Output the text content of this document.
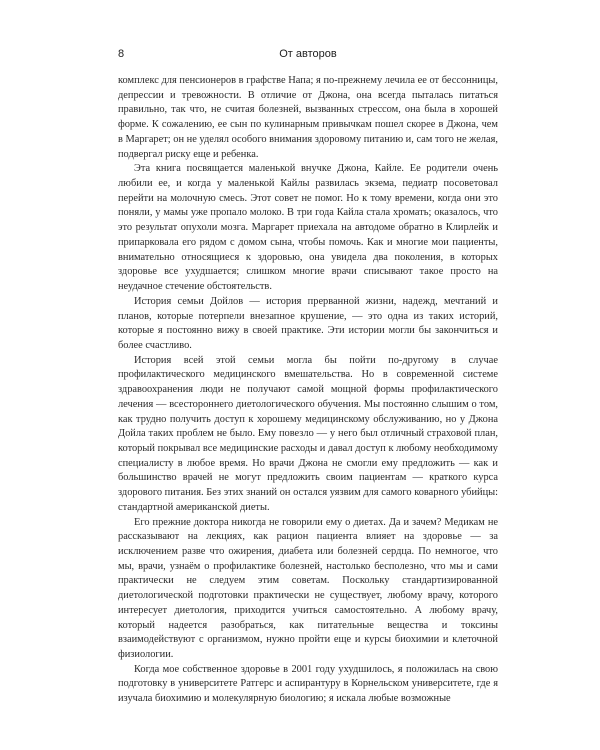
8	От авторов

комплекс для пенсионеров в графстве Напа; я по-прежнему лечила ее от бессонницы, депрессии и тревожности. В отличие от Джона, она всегда пыталась питаться правильно, так что, не считая болезней, вызванных стрессом, она была в хорошей форме. К сожалению, ее сын по кулинарным привычкам пошел скорее в Джона, чем в Маргарет; он не уделял особого внимания здоровому питанию и, сам того не желая, подвергал риску еще и ребенка.

Эта книга посвящается маленькой внучке Джона, Кайле. Ее родители очень любили ее, и когда у маленькой Кайлы развилась экзема, педиатр посоветовал перейти на молочную смесь. Этот совет не помог. Но к тому времени, когда они это поняли, у мамы уже пропало молоко. В три года Кайла стала хромать; оказалось, что это результат опухоли мозга. Маргарет приехала на автодоме обратно в Клирлейк и припарковала его рядом с домом сына, чтобы помочь. Как и многие мои пациенты, внимательно относящиеся к здоровью, она увидела два поколения, в которых здоровье все ухудшается; слишком многие врачи списывают такое просто на неудачное стечение обстоятельств.

История семьи Дойлов — история прерванной жизни, надежд, мечтаний и планов, которые потерпели внезапное крушение, — это одна из таких историй, которые я постоянно вижу в своей практике. Эти истории могли бы закончиться и более счастливо.

История всей этой семьи могла бы пойти по-другому в случае профилактического медицинского вмешательства. Но в современной системе здравоохранения люди не получают самой мощной формы профилактического лечения — всестороннего диетологического обучения. Мы постоянно слышим о том, как трудно получить доступ к хорошему медицинскому обслуживанию, но у Джона Дойла таких проблем не было. Ему повезло — у него был отличный страховой план, который покрывал все медицинские расходы и давал доступ к любому необходимому специалисту в любое время. Но врачи Джона не смогли ему предложить — как и большинство врачей не могут предложить своим пациентам — краткого курса здорового питания. Без этих знаний он остался уязвим для самого коварного убийцы: стандартной американской диеты.

Его прежние доктора никогда не говорили ему о диетах. Да и зачем? Медикам не рассказывают на лекциях, как рацион пациента влияет на здоровье — за исключением разве что ожирения, диабета или болезней сердца. По немногое, что мы, врачи, узнаём о профилактике болезней, настолько бесполезно, что мы и сами практически не следуем этим советам. Поскольку стандартизированной диетологической подготовки практически не существует, любому врачу, которого интересует диетология, приходится учиться самостоятельно. А любому врачу, который надеется разобраться, как питательные вещества и токсины взаимодействуют с организмом, нужно пройти еще и курсы биохимии и клеточной физиологии.

Когда мое собственное здоровье в 2001 году ухудшилось, я положилась на свою подготовку в университете Ратгерс и аспирантуру в Корнельском университете, где я изучала биохимию и молекулярную биологию; я искала любые возможные
